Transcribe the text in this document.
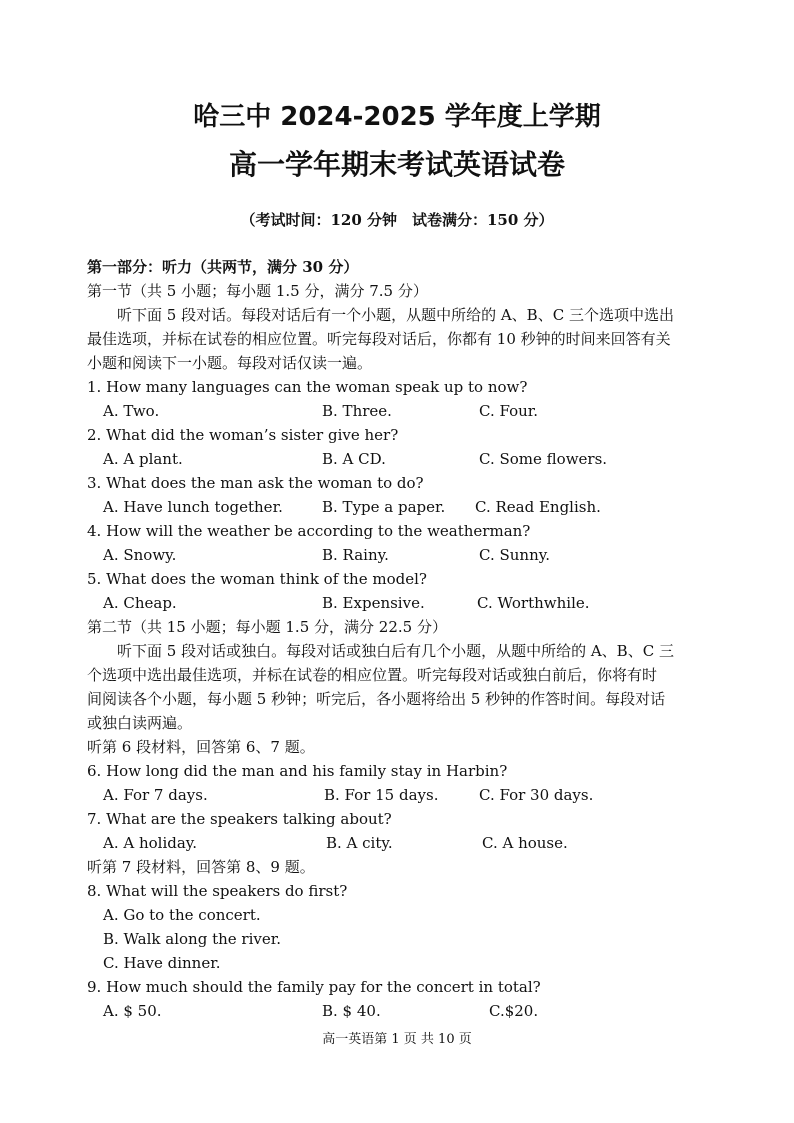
哈三中 2024-2025 学年度上学期
高一学年期末考试英语试卷
（考试时间：120 分钟　试卷满分：150 分）
第一部分：听力（共两节，满分 30 分）
第一节（共 5 小题；每小题 1.5 分，满分 7.5 分）
听下面 5 段对话。每段对话后有一个小题，从题中所给的 A、B、C 三个选项中选出
最佳选项，并标在试卷的相应位置。听完每段对话后，你都有 10 秒钟的时间来回答有关
小题和阅读下一小题。每段对话仅读一遍。
1. How many languages can the woman speak up to now?
A. Two.	B. Three.	C. Four.
2. What did the woman’s sister give her?
A. A plant.	B. A CD.	C. Some flowers.
3. What does the man ask the woman to do?
A. Have lunch together.	B. Type a paper. C. Read English.
4. How will the weather be according to the weatherman?
A. Snowy.	B. Rainy.	C. Sunny.
5. What does the woman think of the model?
A. Cheap.	B. Expensive.	C. Worthwhile.
第二节（共 15 小题；每小题 1.5 分，满分 22.5 分）
听下面 5 段对话或独白。每段对话或独白后有几个小题，从题中所给的 A、B、C 三
个选项中选出最佳选项，并标在试卷的相应位置。听完每段对话或独白前后，你将有时
间阅读各个小题，每小题 5 秒钟；听完后，各小题将给出 5 秒钟的作答时间。每段对话
或独白读两遍。
听第 6 段材料，回答第 6、7 题。
6. How long did the man and his family stay in Harbin?
A. For 7 days.	B. For 15 days.	C. For 30 days.
7. What are the speakers talking about?
A. A holiday.	B. A city.	C. A house.
听第 7 段材料，回答第 8、9 题。
8. What will the speakers do first?
A. Go to the concert.
B. Walk along the river.
C. Have dinner.
9. How much should the family pay for the concert in total?
A. $ 50.	B. $ 40.	C.$20.
高一英语第 1 页 共 10 页
